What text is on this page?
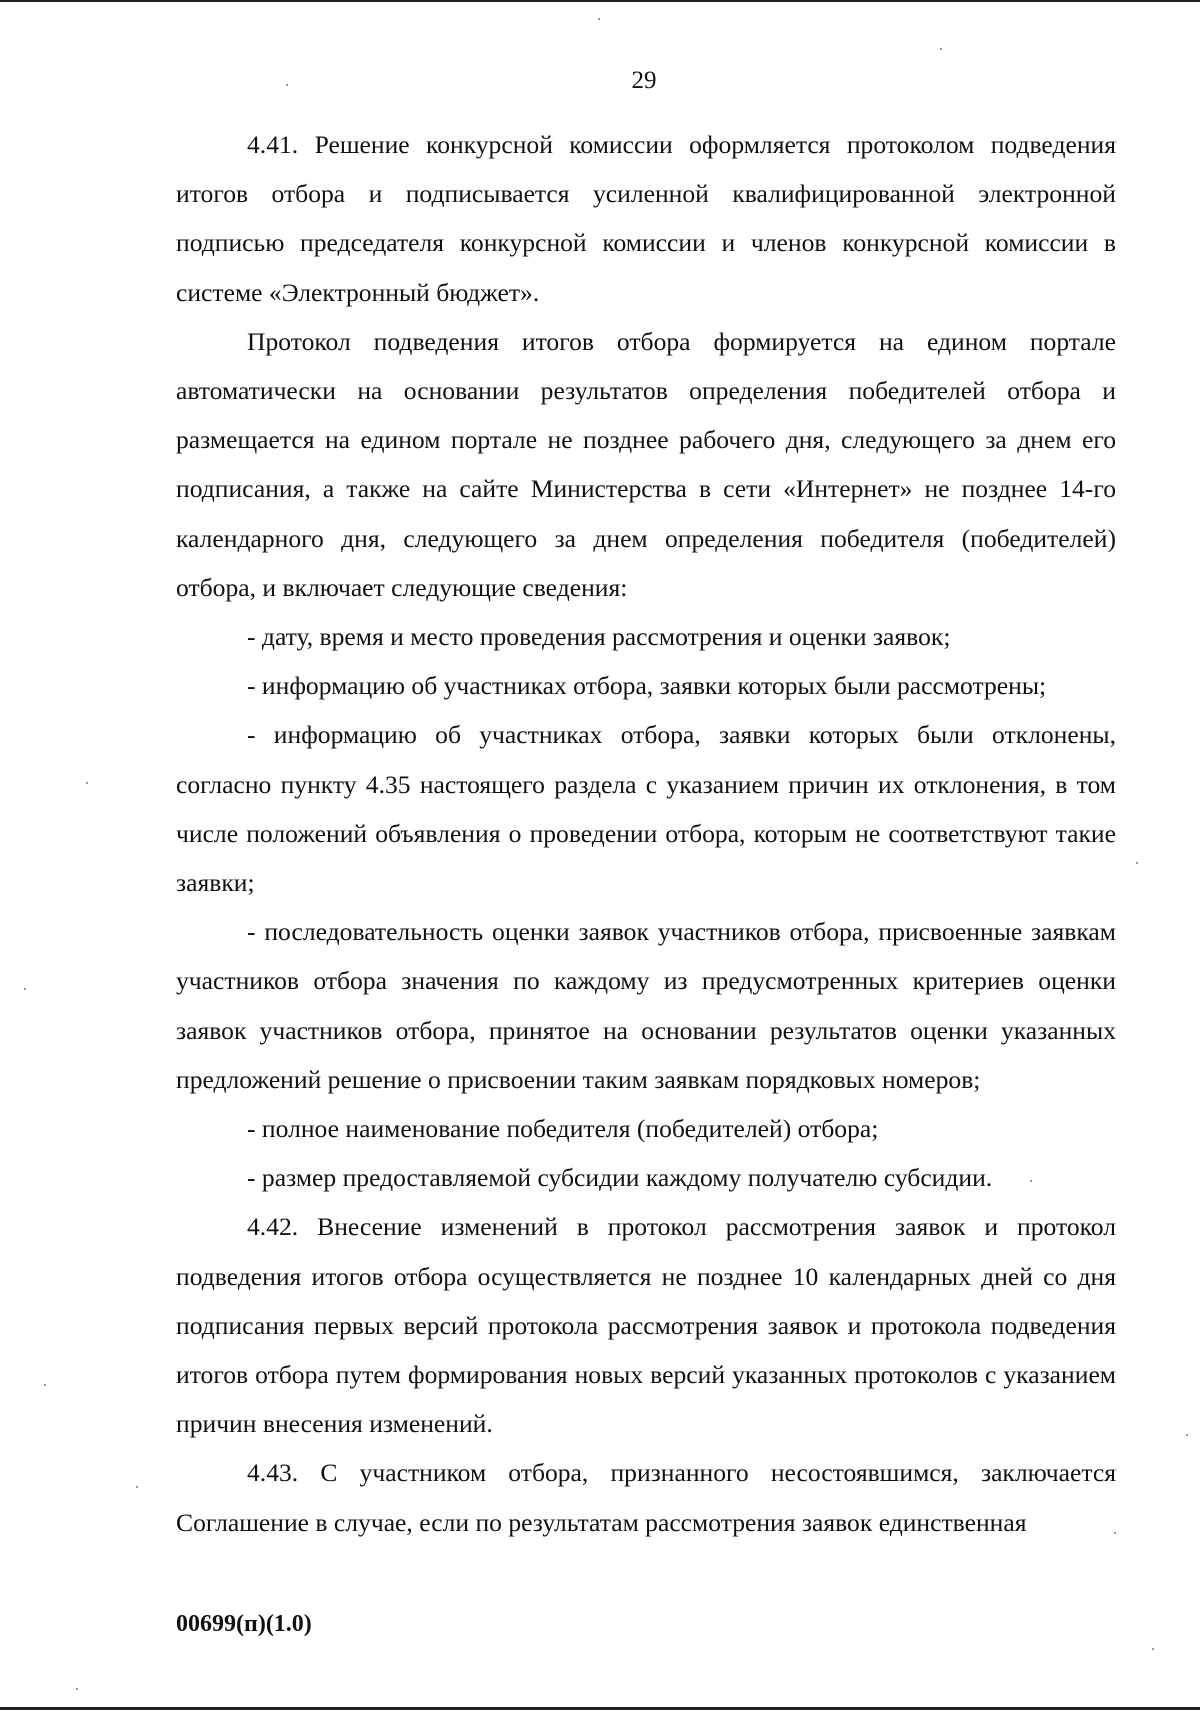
29

4.41. Решение конкурсной комиссии оформляется протоколом подведения итогов отбора и подписывается усиленной квалифицированной электронной подписью председателя конкурсной комиссии и членов конкурсной комиссии в системе «Электронный бюджет».

Протокол подведения итогов отбора формируется на едином портале автоматически на основании результатов определения победителей отбора и размещается на едином портале не позднее рабочего дня, следующего за днем его подписания, а также на сайте Министерства в сети «Интернет» не позднее 14-го календарного дня, следующего за днем определения победителя (победителей) отбора, и включает следующие сведения:

- дату, время и место проведения рассмотрения и оценки заявок;

- информацию об участниках отбора, заявки которых были рассмотрены;

- информацию об участниках отбора, заявки которых были отклонены, согласно пункту 4.35 настоящего раздела с указанием причин их отклонения, в том числе положений объявления о проведении отбора, которым не соответствуют такие заявки;

- последовательность оценки заявок участников отбора, присвоенные заявкам участников отбора значения по каждому из предусмотренных критериев оценки заявок участников отбора, принятое на основании результатов оценки указанных предложений решение о присвоении таким заявкам порядковых номеров;

- полное наименование победителя (победителей) отбора;

- размер предоставляемой субсидии каждому получателю субсидии.

4.42. Внесение изменений в протокол рассмотрения заявок и протокол подведения итогов отбора осуществляется не позднее 10 календарных дней со дня подписания первых версий протокола рассмотрения заявок и протокола подведения итогов отбора путем формирования новых версий указанных протоколов с указанием причин внесения изменений.

4.43. С участником отбора, признанного несостоявшимся, заключается Соглашение в случае, если по результатам рассмотрения заявок единственная

00699(п)(1.0)
